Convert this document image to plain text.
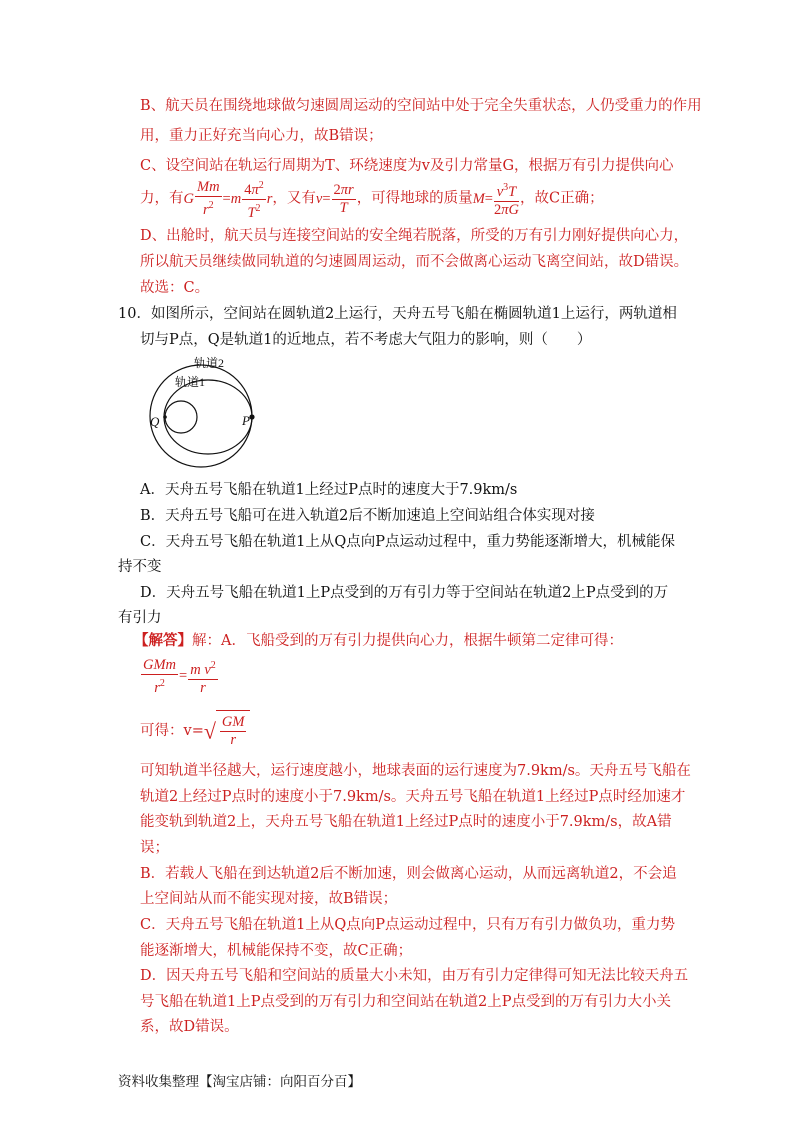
B、航天员在围绕地球做匀速圆周运动的空间站中处于完全失重状态，人仍受重力的作用
用，重力正好充当向心力，故B错误；
C、设空间站在轨运行周期为T、环绕速度为v及引力常量G，根据万有引力提供向心
力，有G $\frac{Mm}{r^2} =m \frac{4\pi^2}{T^2}$ r，又有$v= \frac{2\pi r}{T}$ ，可得地球的质量$M= \frac{v^3T}{2\pi G}$ ，故C正确；
D、出舱时，航天员与连接空间站的安全绳若脱落，所受的万有引力刚好提供向心力，
所以航天员继续做同轨道的匀速圆周运动，而不会做离心运动飞离空间站，故D错误。
故选：C。
10．如图所示，空间站在圆轨道2上运行，天舟五号飞船在椭圆轨道1上运行，两轨道相
切与P点，Q是轨道1的近地点，若不考虑大气阻力的影响，则（　　）
轨道2
轨道1
Q	P
A．天舟五号飞船在轨道1上经过P点时的速度大于7.9km/s
B．天舟五号飞船可在进入轨道2后不断加速追上空间站组合体实现对接
C．天舟五号飞船在轨道1上从Q点向P点运动过程中，重力势能逐渐增大，机械能保
持不变
D．天舟五号飞船在轨道1上P点受到的万有引力等于空间站在轨道2上P点受到的万
有引力
【解答】解：A．飞船受到的万有引力提供向心力，根据牛顿第二定律可得：
$\frac{\text{GMm}}{r^2} = \frac{m v^2}{r}$
可得：$v=√ \frac{GM}{r}$
可知轨道半径越大，运行速度越小，地球表面的运行速度为7.9km/s。天舟五号飞船在
轨道2上经过P点时的速度小于7.9km/s。天舟五号飞船在轨道1上经过P点时经加速才
能变轨到轨道2上，天舟五号飞船在轨道1上经过P点时的速度小于7.9km/s，故A错
误；
B．若载人飞船在到达轨道2后不断加速，则会做离心运动，从而远离轨道2，不会追
上空间站从而不能实现对接，故B错误；
C．天舟五号飞船在轨道1上从Q点向P点运动过程中，只有万有引力做负功，重力势
能逐渐增大，机械能保持不变，故C正确；
D．因天舟五号飞船和空间站的质量大小未知，由万有引力定律得可知无法比较天舟五
号飞船在轨道1上P点受到的万有引力和空间站在轨道2上P点受到的万有引力大小关
系，故D错误。
资料收集整理【淘宝店铺：向阳百分百】
